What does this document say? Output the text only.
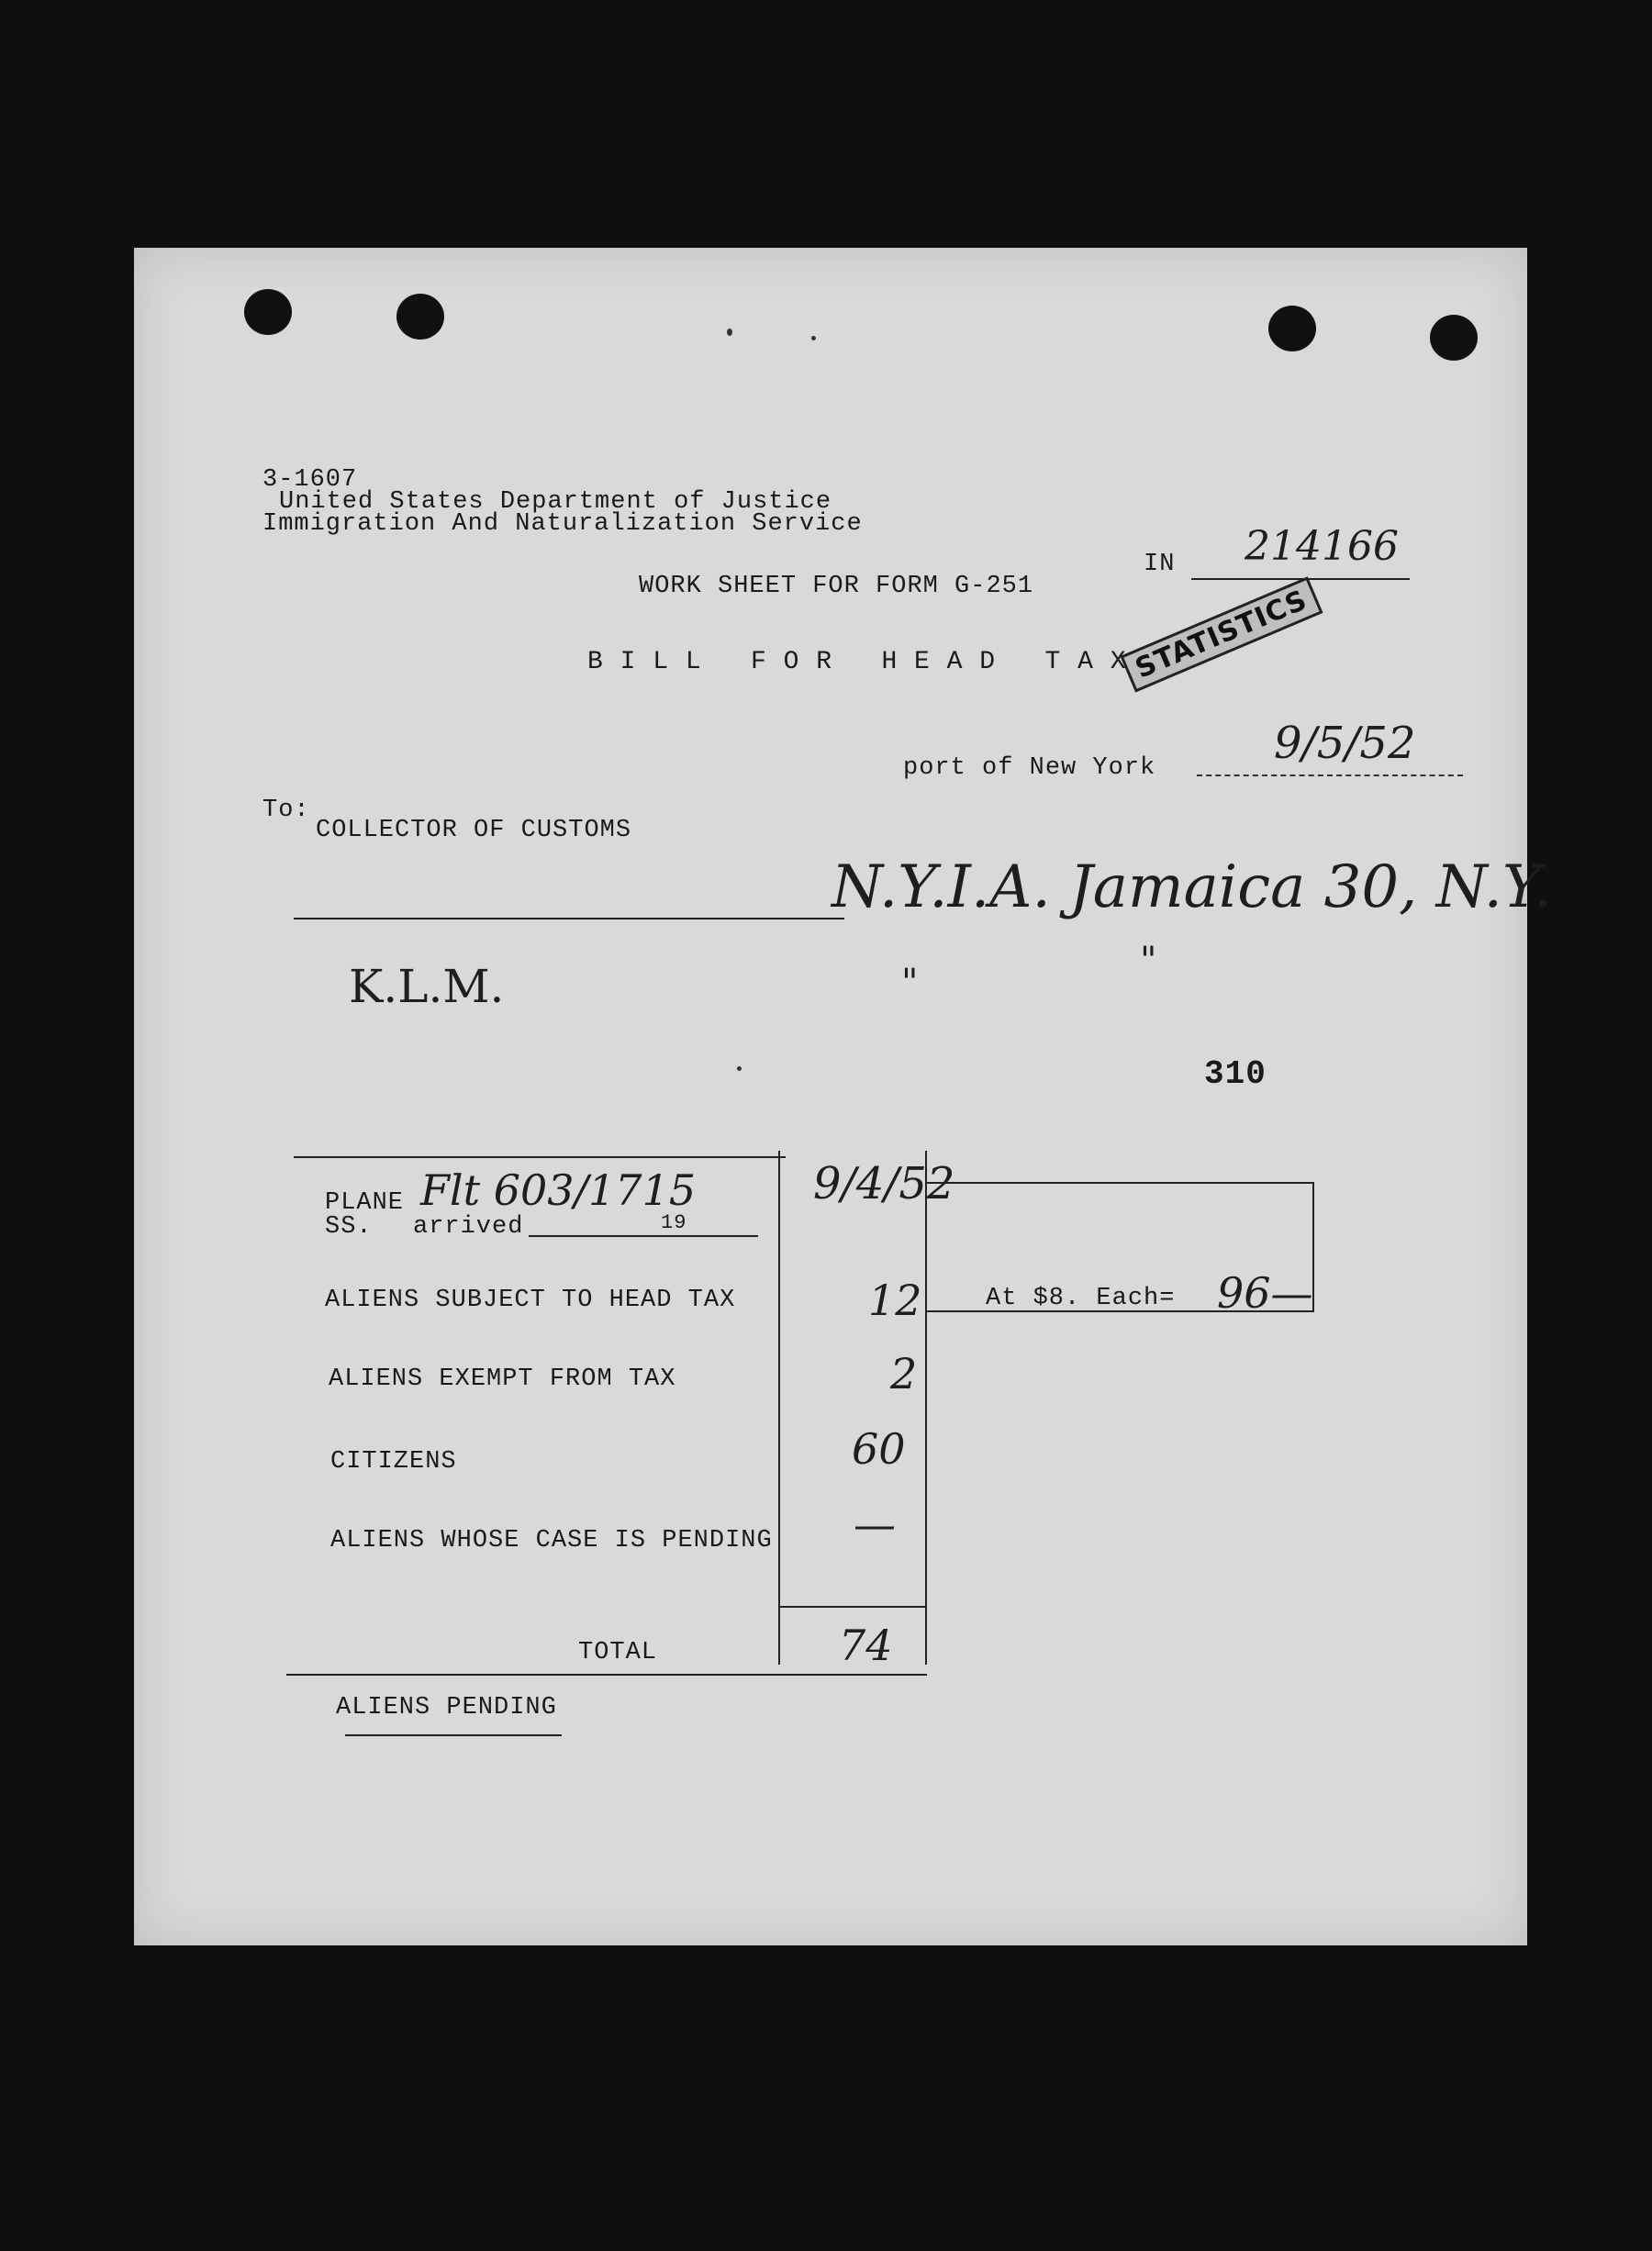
STATISTICS
3-1607
United States Department of Justice
Immigration And Naturalization Service
IN 214166
WORK SHEET FOR FORM G-251
B I L L   F O R   H E A D   T A X
port of New York	9/5/52
To:
COLLECTOR OF CUSTOMS
N.Y.I.A. Jamaica 30, N.Y.
K.L.M.	"
"
310
PLANE Flt 603/1715
SS. arrived	19
9/4/52
ALIENS SUBJECT TO HEAD TAX	12	At $8. Each= 96—
ALIENS EXEMPT FROM TAX	2
CITIZENS	60
ALIENS WHOSE CASE IS PENDING —
TOTAL	74
ALIENS PENDING
